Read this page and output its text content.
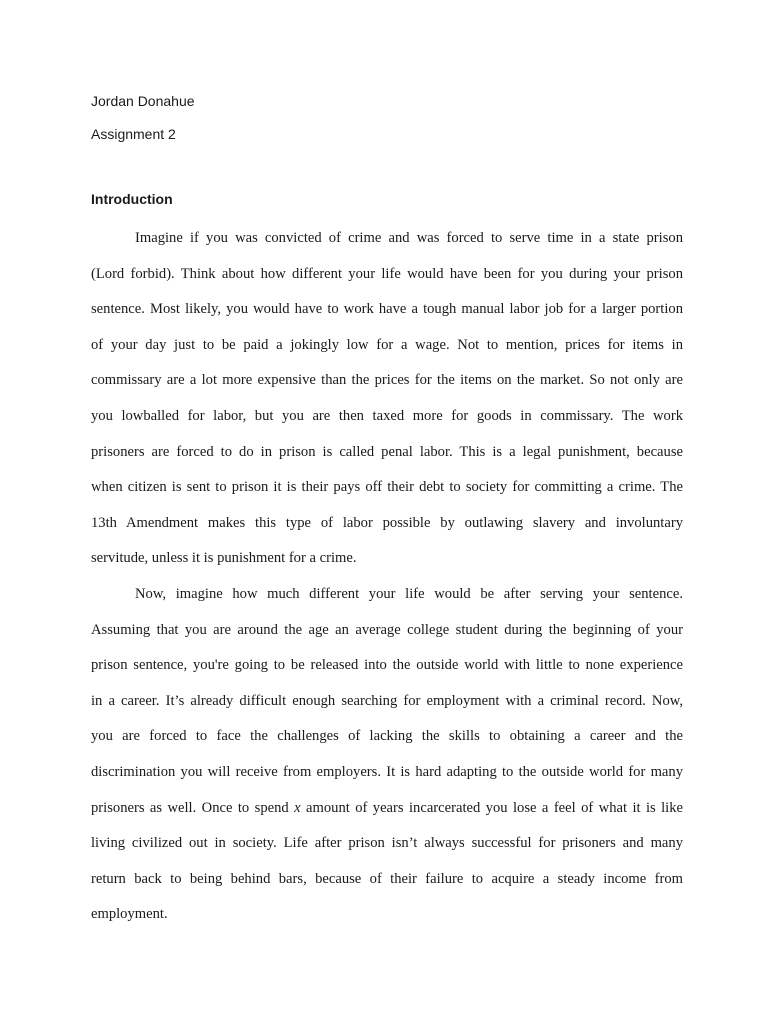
Jordan Donahue
Assignment 2
Introduction
Imagine if you was convicted of crime and was forced to serve time in a state prison
(Lord forbid). Think about how different your life would have been for you during your prison
sentence. Most likely, you would have to work have a tough manual labor job for a larger portion
of your day just to be paid a jokingly low for a wage. Not to mention, prices for items in
commissary are a lot more expensive than the prices for the items on the market. So not only are
you lowballed for labor, but you are then taxed more for goods in commissary. The work
prisoners are forced to do in prison is called penal labor. This is a legal punishment, because
when citizen is sent to prison it is their pays off their debt to society for committing a crime. The
13th Amendment makes this type of labor possible by outlawing slavery and involuntary
servitude, unless it is punishment for a crime.
Now, imagine how much different your life would be after serving your sentence.
Assuming that you are around the age an average college student during the beginning of your
prison sentence, you're going to be released into the outside world with little to none experience
in a career. It’s already difficult enough searching for employment with a criminal record. Now,
you are forced to face the challenges of lacking the skills to obtaining a career and the
discrimination you will receive from employers. It is hard adapting to the outside world for many
prisoners as well. Once to spend x amount of years incarcerated you lose a feel of what it is like
living civilized out in society. Life after prison isn’t always successful for prisoners and many
return back to being behind bars, because of their failure to acquire a steady income from
employment.
